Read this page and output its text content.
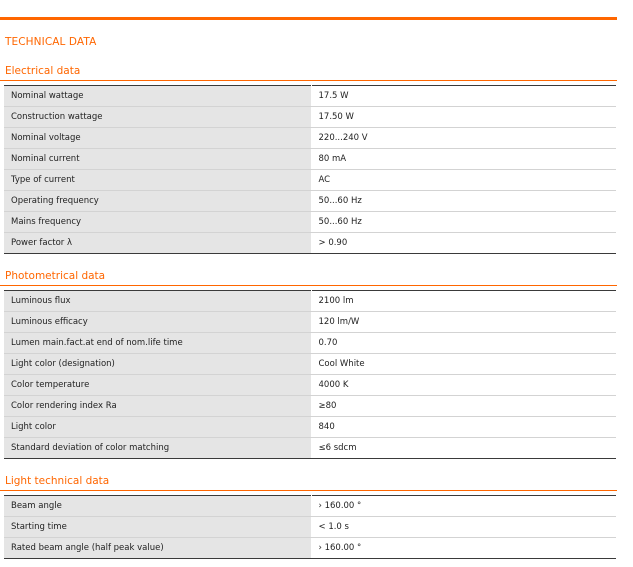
TECHNICAL DATA
Electrical data
Nominal wattage	17.5 W
Construction wattage	17.50 W
Nominal voltage	220...240 V
Nominal current	80 mA
Type of current	AC
Operating frequency	50...60 Hz
Mains frequency	50...60 Hz
Power factor λ	> 0.90
Photometrical data
Luminous flux	2100 lm
Luminous efficacy	120 lm/W
Lumen main.fact.at end of nom.life time	0.70
Light color (designation)	Cool White
Color temperature	4000 K
Color rendering index Ra	≥80
Light color	840
Standard deviation of color matching	≤6 sdcm
Light technical data
Beam angle	› 160.00 °
Starting time	< 1.0 s
Rated beam angle (half peak value)	› 160.00 °
